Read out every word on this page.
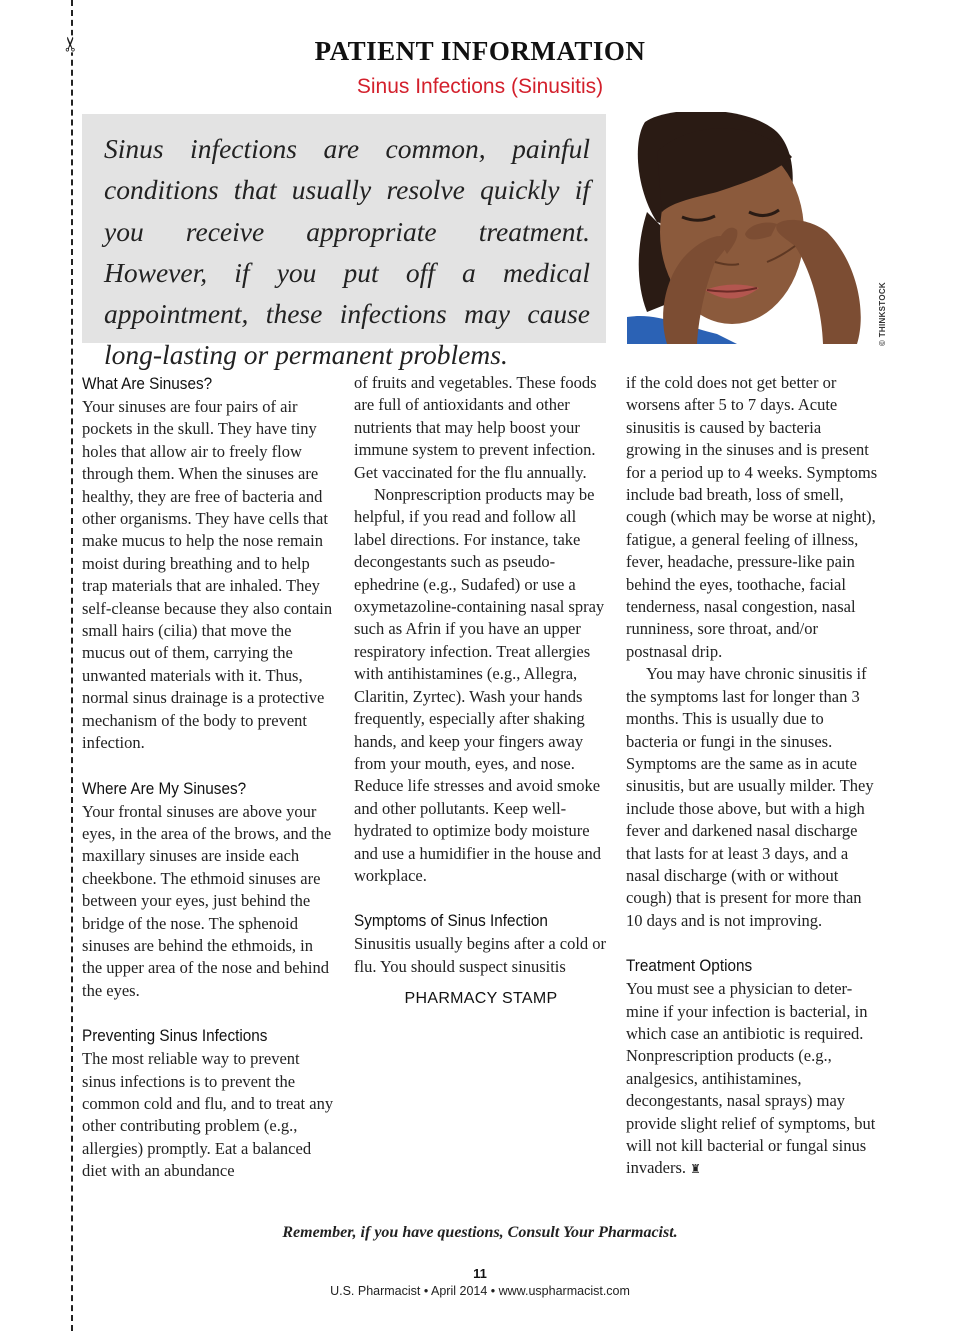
✂	PATIENT INFORMATION
Sinus Infections (Sinusitis)
Sinus infections are common, painful conditions that usually resolve quickly if you receive appropriate treatment. However, if you put off a medical appointment, these infections may cause long-lasting or permanent problems.
© THINKSTOCK
What Are Sinuses?

Your sinuses are four pairs of air pockets in the skull. They have tiny holes that allow air to freely flow through them. When the sinuses are healthy, they are free of bacteria and other organisms. They have cells that make mucus to help the nose remain moist during breathing and to help trap materials that are inhaled. They self-cleanse because they also contain small hairs (cilia) that move the mucus out of them, carrying the unwanted materials with it. Thus, normal sinus drainage is a protective mechanism of the body to prevent infection.

Where Are My Sinuses?

Your frontal sinuses are above your eyes, in the area of the brows, and the maxillary sinuses are inside each cheekbone. The ethmoid sinuses are between your eyes, just behind the bridge of the nose. The sphenoid sinuses are behind the ethmoids, in the upper area of the nose and behind the eyes.

Preventing Sinus Infections

The most reliable way to prevent sinus infections is to prevent the common cold and flu, and to treat any other contributing problem (e.g., allergies) promptly. Eat a balanced diet with an abundance

of fruits and vegetables. These foods are full of antioxidants and other nutrients that may help boost your immune system to prevent infection. Get vaccinated for the flu annually.

Nonprescription products may be helpful, if you read and follow all label directions. For instance, take decongestants such as pseudo-ephedrine (e.g., Sudafed) or use a oxymetazoline-containing nasal spray such as Afrin if you have an upper respiratory infection. Treat allergies with antihistamines (e.g., Allegra, Claritin, Zyrtec). Wash your hands frequently, especially after shaking hands, and keep your fingers away from your mouth, eyes, and nose. Reduce life stresses and avoid smoke and other pollutants. Keep well-hydrated to optimize body moisture and use a humidifier in the house and workplace.

Symptoms of Sinus Infection

Sinusitis usually begins after a cold or flu. You should suspect sinusitis

PHARMACY STAMP

if the cold does not get better or worsens after 5 to 7 days. Acute sinusitis is caused by bacteria growing in the sinuses and is present for a period up to 4 weeks. Symptoms include bad breath, loss of smell, cough (which may be worse at night), fatigue, a general feeling of illness, fever, headache, pressure-like pain behind the eyes, toothache, facial tenderness, nasal congestion, nasal runniness, sore throat, and/or postnasal drip.

You may have chronic sinusitis if the symptoms last for longer than 3 months. This is usually due to bacteria or fungi in the sinuses. Symptoms are the same as in acute sinusitis, but are usually milder. They include those above, but with a high fever and darkened nasal discharge that lasts for at least 3 days, and a nasal discharge (with or without cough) that is present for more than 10 days and is not improving.

Treatment Options

You must see a physician to deter-mine if your infection is bacterial, in which case an antibiotic is required. Nonprescription products (e.g., analgesics, antihistamines, decongestants, nasal sprays) may provide slight relief of symptoms, but will not kill bacterial or fungal sinus invaders. ♜

Remember, if you have questions, Consult Your Pharmacist.
11
U.S. Pharmacist • April 2014 • www.uspharmacist.com
